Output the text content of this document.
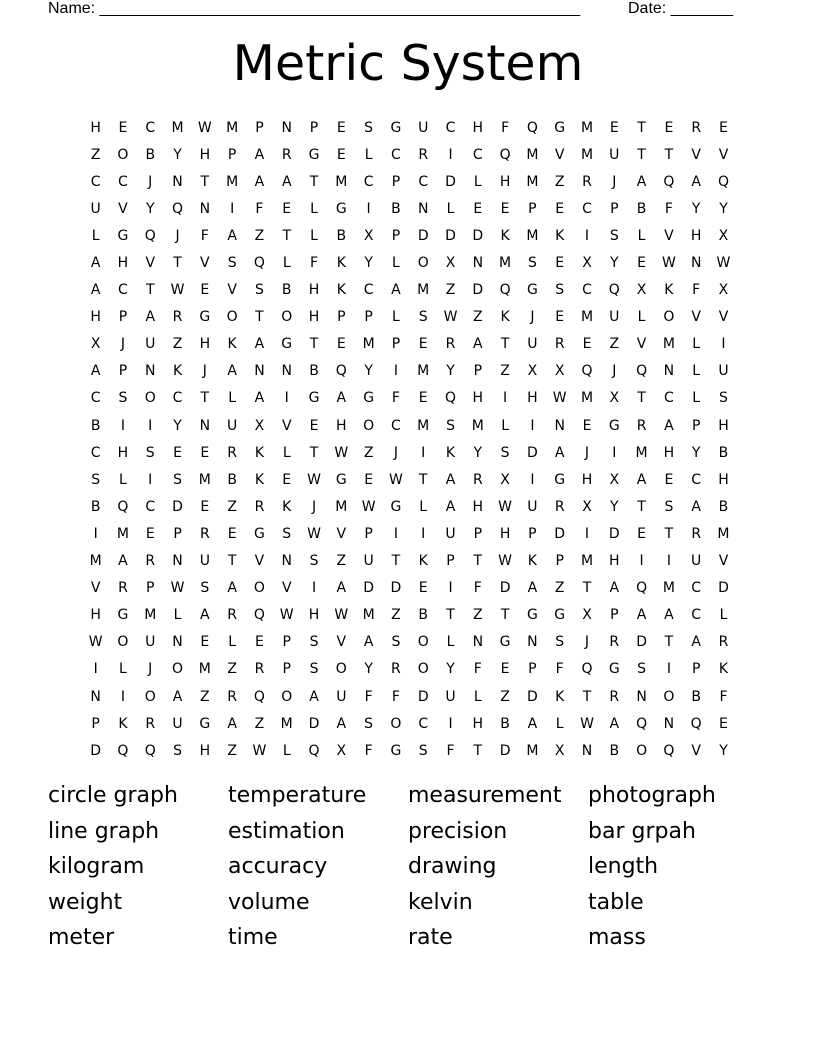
Name: ______________________________________________________	Date: _______
Metric System
H	E	C	M	W	M	P	N	P	E	S	G	U	C	H	F	Q	G	M	E	T	E	R	E
Z	O	B	Y	H	P	A	R	G	E	L	C	R	I	C	Q	M	V	M	U	T	T	V	V
C	C	J	N	T	M	A	A	T	M	C	P	C	D	L	H	M	Z	R	J	A	Q	A	Q
U	V	Y	Q	N	I	F	E	L	G	I	B	N	L	E	E	P	E	C	P	B	F	Y	Y
L	G	Q	J	F	A	Z	T	L	B	X	P	D	D	D	K	M	K	I	S	L	V	H	X
A	H	V	T	V	S	Q	L	F	K	Y	L	O	X	N	M	S	E	X	Y	E	W	N	W
A	C	T	W	E	V	S	B	H	K	C	A	M	Z	D	Q	G	S	C	Q	X	K	F	X
H	P	A	R	G	O	T	O	H	P	P	L	S	W	Z	K	J	E	M	U	L	O	V	V
X	J	U	Z	H	K	A	G	T	E	M	P	E	R	A	T	U	R	E	Z	V	M	L	I
A	P	N	K	J	A	N	N	B	Q	Y	I	M	Y	P	Z	X	X	Q	J	Q	N	L	U
C	S	O	C	T	L	A	I	G	A	G	F	E	Q	H	I	H	W	M	X	T	C	L	S
B	I	I	Y	N	U	X	V	E	H	O	C	M	S	M	L	I	N	E	G	R	A	P	H
C	H	S	E	E	R	K	L	T	W	Z	J	I	K	Y	S	D	A	J	I	M	H	Y	B
S	L	I	S	M	B	K	E	W	G	E	W	T	A	R	X	I	G	H	X	A	E	C	H
B	Q	C	D	E	Z	R	K	J	M	W	G	L	A	H	W	U	R	X	Y	T	S	A	B
I	M	E	P	R	E	G	S	W	V	P	I	I	U	P	H	P	D	I	D	E	T	R	M
M	A	R	N	U	T	V	N	S	Z	U	T	K	P	T	W	K	P	M	H	I	I	U	V
V	R	P	W	S	A	O	V	I	A	D	D	E	I	F	D	A	Z	T	A	Q	M	C	D
H	G	M	L	A	R	Q	W	H	W	M	Z	B	T	Z	T	G	G	X	P	A	A	C	L
W	O	U	N	E	L	E	P	S	V	A	S	O	L	N	G	N	S	J	R	D	T	A	R
I	L	J	O	M	Z	R	P	S	O	Y	R	O	Y	F	E	P	F	Q	G	S	I	P	K
N	I	O	A	Z	R	Q	O	A	U	F	F	D	U	L	Z	D	K	T	R	N	O	B	F
P	K	R	U	G	A	Z	M	D	A	S	O	C	I	H	B	A	L	W	A	Q	N	Q	E
D	Q	Q	S	H	Z	W	L	Q	X	F	G	S	F	T	D	M	X	N	B	O	Q	V	Y
circle graph	temperature	measurement	photograph
line graph	estimation	precision	bar grpah
kilogram	accuracy	drawing	length
weight	volume	kelvin	table
meter	time	rate	mass
